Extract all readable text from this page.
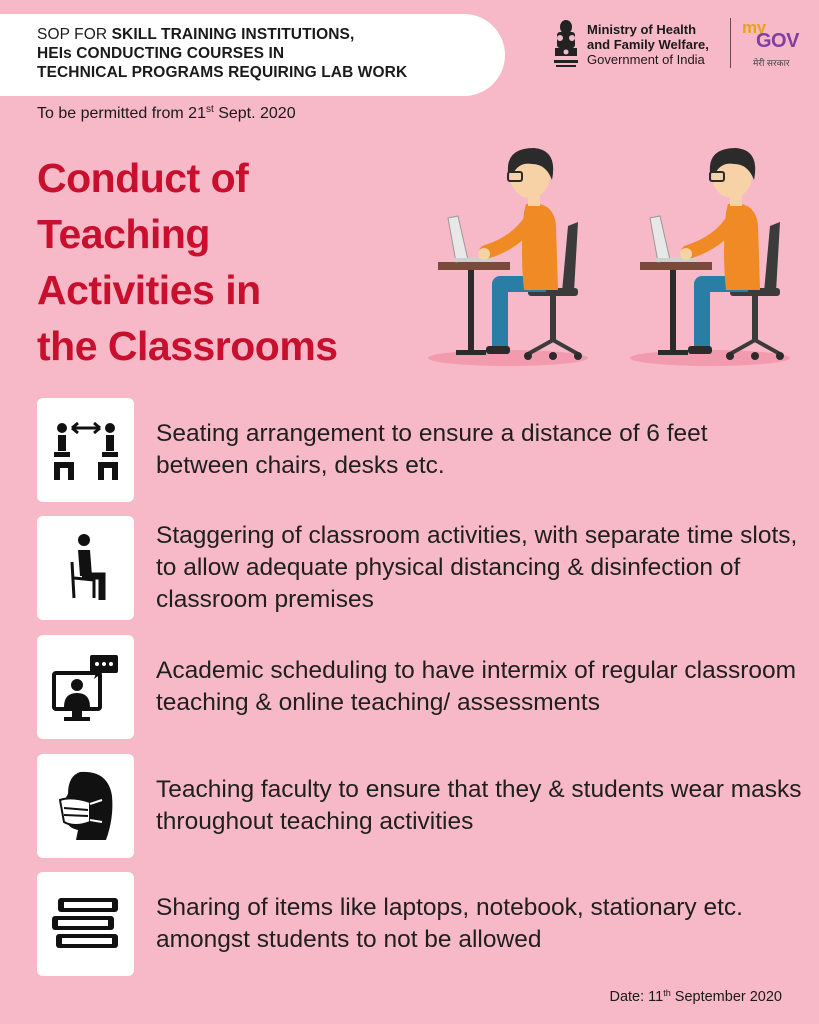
SOP FOR SKILL TRAINING INSTITUTIONS,
HEIs CONDUCTING COURSES IN
TECHNICAL PROGRAMS REQUIRING LAB WORK
To be permitted from 21st Sept. 2020
Ministry of Health
and Family Welfare,
Government of India
my
GOV
मेरी सरकार
Conduct of
Teaching
Activities in
the Classrooms
Seating arrangement to ensure a distance of 6 feet between chairs, desks etc.
Staggering of classroom activities, with separate time slots, to allow adequate physical distancing & disinfection of classroom premises
Academic scheduling to have intermix of regular classroom teaching & online teaching/ assessments
Teaching faculty to ensure that they & students wear masks throughout teaching activities
Sharing of items like laptops, notebook, stationary etc. amongst students to not be allowed
Date: 11th September 2020
